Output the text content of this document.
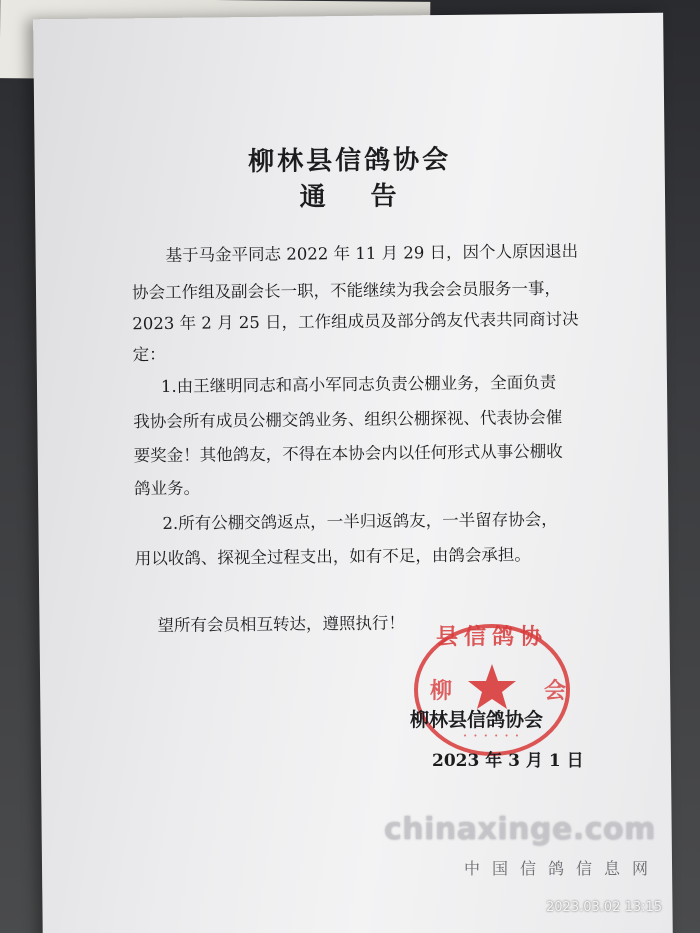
柳林县信鸽协会
通 告
基于马金平同志 2022 年 11 月 29 日，因个人原因退出
协会工作组及副会长一职，不能继续为我会会员服务一事，
2023 年 2 月 25 日，工作组成员及部分鸽友代表共同商讨决
定：
1.由王继明同志和高小军同志负责公棚业务，全面负责
我协会所有成员公棚交鸽业务、组织公棚探视、代表协会催
要奖金！其他鸽友，不得在本协会内以任何形式从事公棚收
鸽业务。
2.所有公棚交鸽返点，一半归返鸽友，一半留存协会，
用以收鸽、探视全过程支出，如有不足，由鸽会承担。
望所有会员相互转达，遵照执行！ 县信鸽协
柳	会
• • • • • •
柳林县信鸽协会
2023 年 3 月 1 日
chinaxinge.com
中国信鸽信息网
2023.03.02 13:15
